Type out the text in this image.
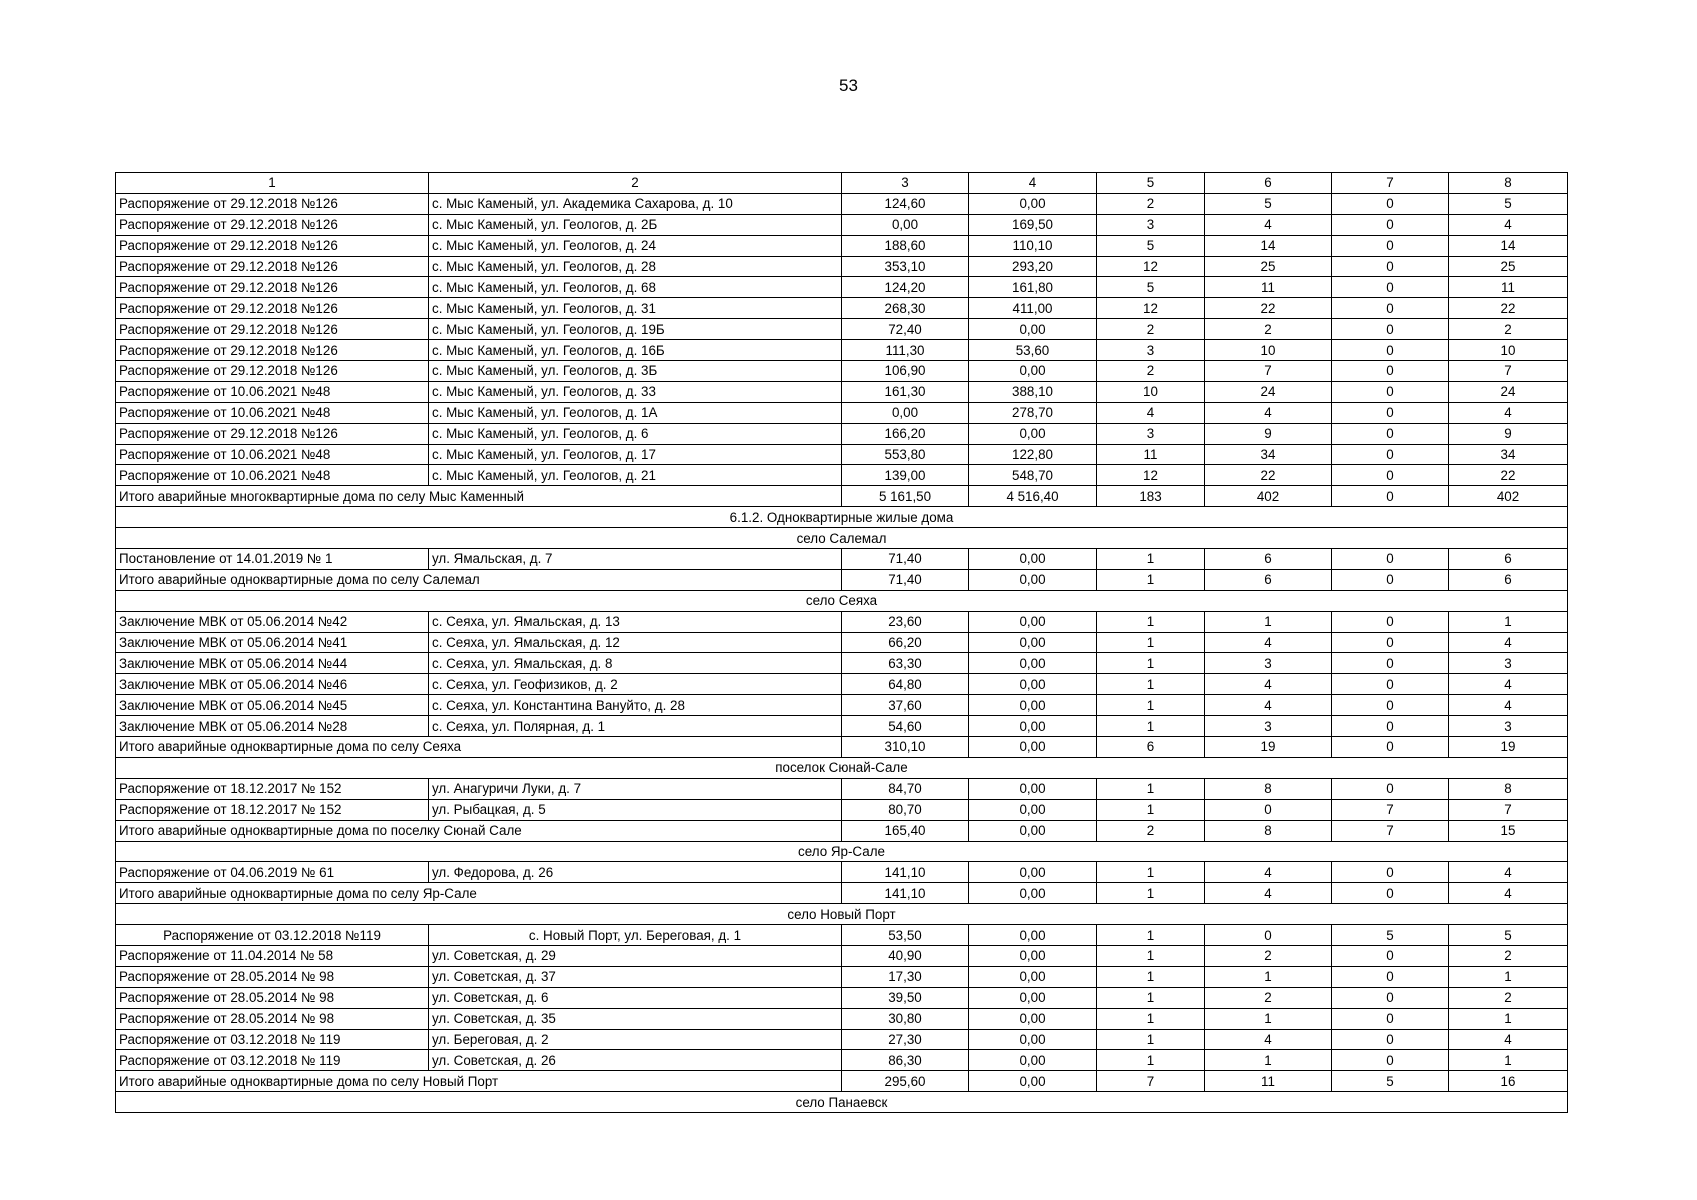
53
1	2	3	4	5	6	7	8
Распоряжение от 29.12.2018 №126	с. Мыс Каменый, ул. Академика Сахарова, д. 10	124,60	0,00	2	5	0	5
Распоряжение от 29.12.2018 №126	с. Мыс Каменый, ул. Геологов, д. 2Б	0,00	169,50	3	4	0	4
Распоряжение от 29.12.2018 №126	с. Мыс Каменый, ул. Геологов, д. 24	188,60	110,10	5	14	0	14
Распоряжение от 29.12.2018 №126	с. Мыс Каменый, ул. Геологов, д. 28	353,10	293,20	12	25	0	25
Распоряжение от 29.12.2018 №126	с. Мыс Каменый, ул. Геологов, д. 68	124,20	161,80	5	11	0	11
Распоряжение от 29.12.2018 №126	с. Мыс Каменый, ул. Геологов, д. 31	268,30	411,00	12	22	0	22
Распоряжение от 29.12.2018 №126	с. Мыс Каменый, ул. Геологов, д. 19Б	72,40	0,00	2	2	0	2
Распоряжение от 29.12.2018 №126	с. Мыс Каменый, ул. Геологов, д. 16Б	111,30	53,60	3	10	0	10
Распоряжение от 29.12.2018 №126	с. Мыс Каменый, ул. Геологов, д. 3Б	106,90	0,00	2	7	0	7
Распоряжение от 10.06.2021 №48	с. Мыс Каменый, ул. Геологов, д. 33	161,30	388,10	10	24	0	24
Распоряжение от 10.06.2021 №48	с. Мыс Каменый, ул. Геологов, д. 1А	0,00	278,70	4	4	0	4
Распоряжение от 29.12.2018 №126	с. Мыс Каменый, ул. Геологов, д. 6	166,20	0,00	3	9	0	9
Распоряжение от 10.06.2021 №48	с. Мыс Каменый, ул. Геологов, д. 17	553,80	122,80	11	34	0	34
Распоряжение от 10.06.2021 №48	с. Мыс Каменый, ул. Геологов, д. 21	139,00	548,70	12	22	0	22
Итого аварийные многоквартирные дома по селу Мыс Каменный		5 161,50	4 516,40	183	402	0	402
6.1.2. Одноквартирные жилые дома							
село Салемал							
Постановление от 14.01.2019 № 1	ул. Ямальская, д. 7	71,40	0,00	1	6	0	6
Итого аварийные одноквартирные дома по селу Салемал		71,40	0,00	1	6	0	6
село Сеяха							
Заключение МВК от 05.06.2014 №42	с. Сеяха, ул. Ямальская, д. 13	23,60	0,00	1	1	0	1
Заключение МВК от 05.06.2014 №41	с. Сеяха, ул. Ямальская, д. 12	66,20	0,00	1	4	0	4
Заключение МВК от 05.06.2014 №44	с. Сеяха, ул. Ямальская, д. 8	63,30	0,00	1	3	0	3
Заключение МВК от 05.06.2014 №46	с. Сеяха, ул. Геофизиков, д. 2	64,80	0,00	1	4	0	4
Заключение МВК от 05.06.2014 №45	с. Сеяха, ул. Константина Вануйто, д. 28	37,60	0,00	1	4	0	4
Заключение МВК от 05.06.2014 №28	с. Сеяха, ул. Полярная, д. 1	54,60	0,00	1	3	0	3
Итого аварийные одноквартирные дома по селу Сеяха		310,10	0,00	6	19	0	19
поселок Сюнай-Сале							
Распоряжение от 18.12.2017 № 152	ул. Анагуричи Луки, д. 7	84,70	0,00	1	8	0	8
Распоряжение от 18.12.2017 № 152	ул. Рыбацкая, д. 5	80,70	0,00	1	0	7	7
Итого аварийные одноквартирные дома по поселку Сюнай Сале		165,40	0,00	2	8	7	15
село Яр-Сале							
Распоряжение от 04.06.2019 № 61	ул. Федорова, д. 26	141,10	0,00	1	4	0	4
Итого аварийные одноквартирные дома по селу Яр-Сале		141,10	0,00	1	4	0	4
село Новый Порт							
Распоряжение от 03.12.2018 №119	с. Новый Порт, ул. Береговая, д. 1	53,50	0,00	1	0	5	5
Распоряжение от 11.04.2014 № 58	ул. Советская, д. 29	40,90	0,00	1	2	0	2
Распоряжение от 28.05.2014 № 98	ул. Советская, д. 37	17,30	0,00	1	1	0	1
Распоряжение от 28.05.2014 № 98	ул. Советская, д. 6	39,50	0,00	1	2	0	2
Распоряжение от 28.05.2014 № 98	ул. Советская, д. 35	30,80	0,00	1	1	0	1
Распоряжение от 03.12.2018 № 119	ул. Береговая, д. 2	27,30	0,00	1	4	0	4
Распоряжение от 03.12.2018 № 119	ул. Советская, д. 26	86,30	0,00	1	1	0	1
Итого аварийные одноквартирные дома по селу Новый Порт		295,60	0,00	7	11	5	16
село Панаевск							
